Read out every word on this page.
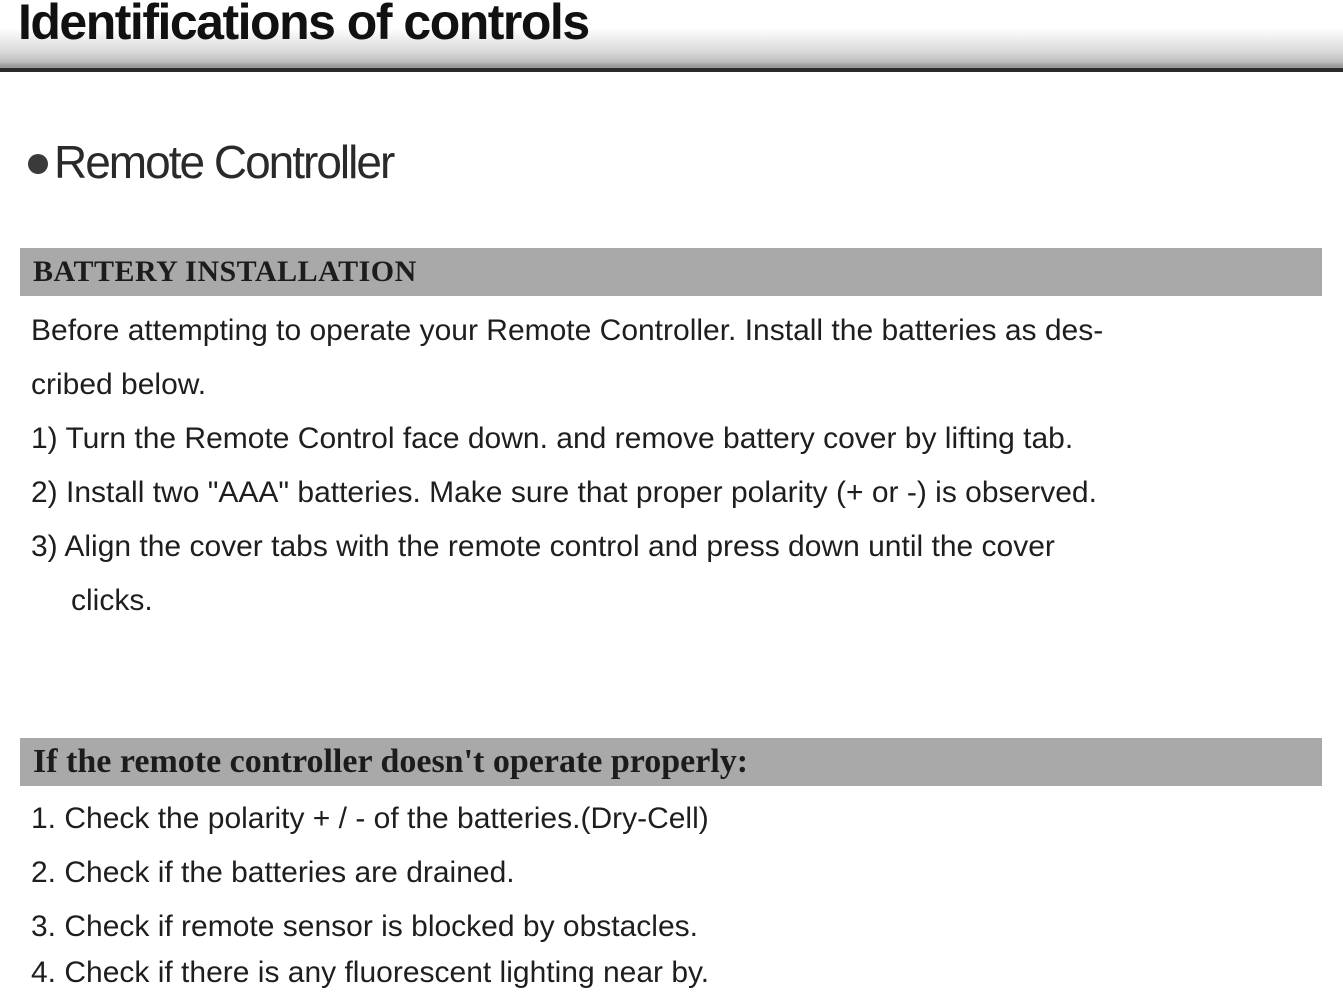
Identifications of controls
Remote Controller
BATTERY INSTALLATION
Before attempting to operate your Remote Controller. Install the batteries as des-
cribed below.
1) Turn the Remote Control face down. and remove battery cover by lifting tab.
2) Install two "AAA" batteries. Make sure that proper polarity (+ or -) is observed.
3) Align the cover tabs with the remote control and press down until the cover
clicks.
If the remote controller doesn't operate properly:
1. Check the polarity + / - of the batteries.(Dry-Cell)
2. Check if the batteries are drained.
3. Check if remote sensor is blocked by obstacles.
4. Check if there is any fluorescent lighting near by.
